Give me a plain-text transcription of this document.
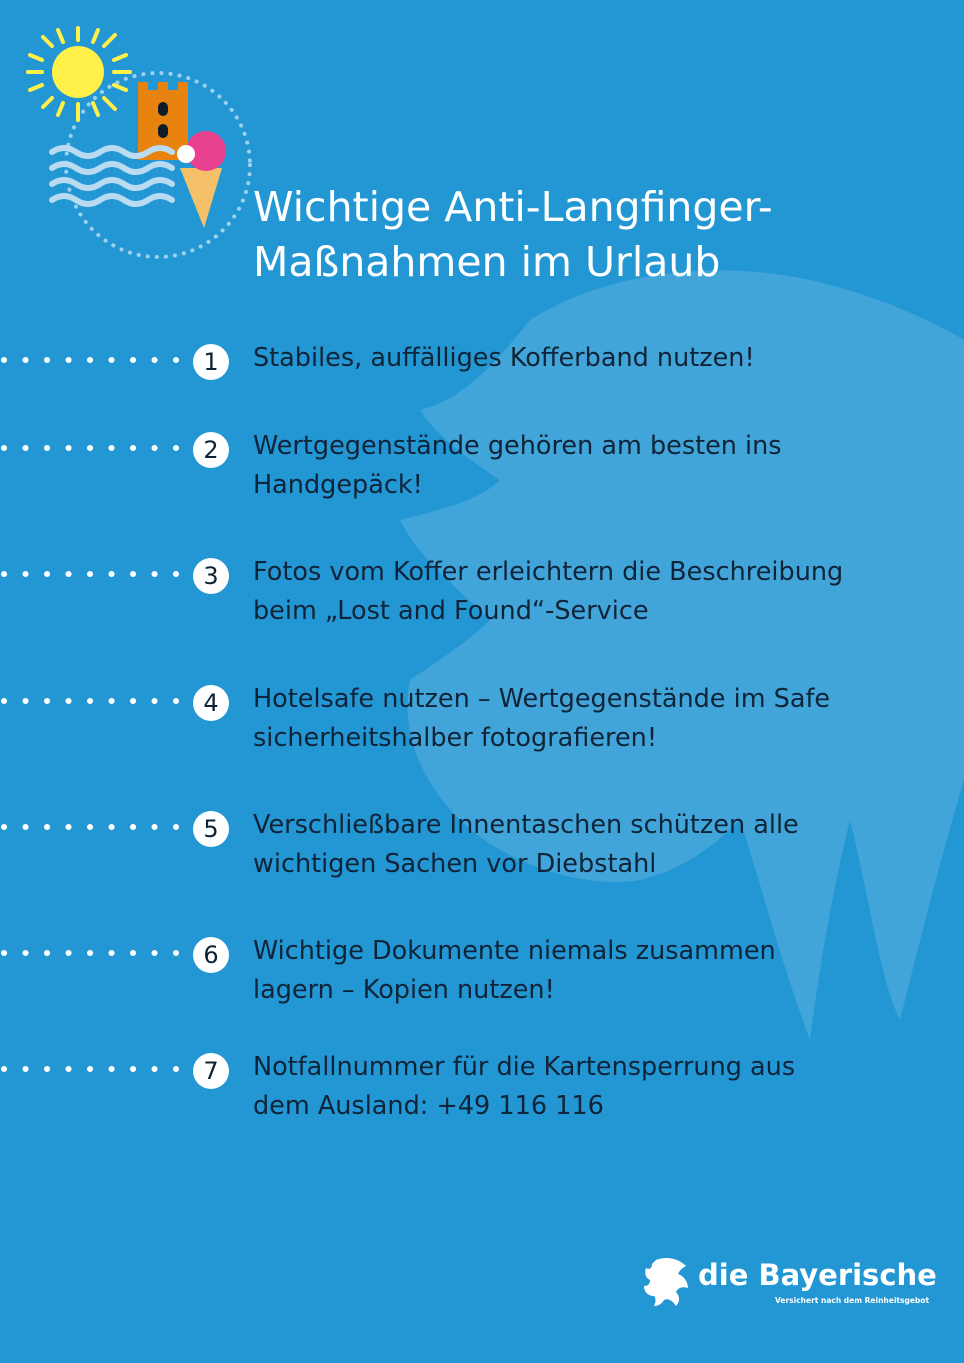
Wichtige Anti-Langfinger-
Maßnahmen im Urlaub
1	Stabiles, auffälliges Kofferband nutzen!

2	Wertgegenstände gehören am besten ins
Handgepäck!
3	Fotos vom Koffer erleichtern die Beschreibung
beim „Lost and Found“-Service
4	Hotelsafe nutzen – Wertgegenstände im Safe
sicherheitshalber fotografieren!
5	Verschließbare Innentaschen schützen alle
wichtigen Sachen vor Diebstahl
6	Wichtige Dokumente niemals zusammen
lagern – Kopien nutzen!
7	Notfallnummer für die Kartensperrung aus
dem Ausland: +49 116 116
die Bayerische
Versichert nach dem Reinheitsgebot
